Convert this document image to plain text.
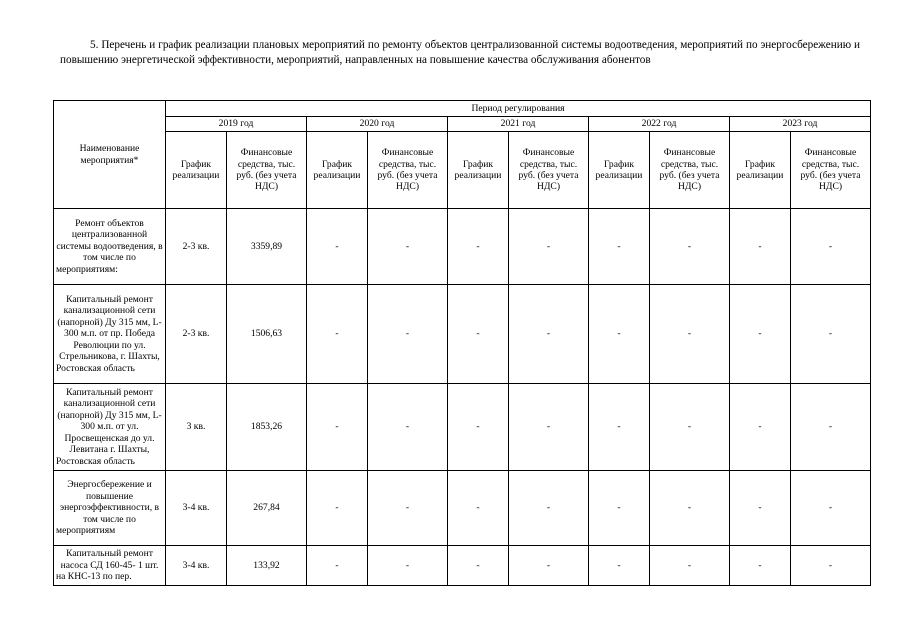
5. Перечень и график реализации плановых мероприятий по ремонту объектов централизованной системы водоотведения, мероприятий по энергосбережению и повышению энергетической эффективности, мероприятий, направленных на повышение качества обслуживания абонентов
Наименование мероприятия*	Период регулирования									
	2019 год		2020 год		2021 год		2022 год		2023 год	
	График реализации	Финансовые средства, тыс. руб. (без учета НДС)	График реализации	Финансовые средства, тыс. руб. (без учета НДС)	График реализации	Финансовые средства, тыс. руб. (без учета НДС)	График реализации	Финансовые средства, тыс. руб. (без учета НДС)	График реализации	Финансовые средства, тыс. руб. (без учета НДС)
Ремонт объектов централизованной системы водоотведения, в том числе по мероприятиям:	2-3 кв.	3359,89	-	-	-	-	-	-	-	-
Капитальный ремонт канализационной сети (напорной) Ду 315 мм, L-300 м.п. от пр. Победа Революции по ул. Стрельникова, г. Шахты, Ростовская область	2-3 кв.	1506,63	-	-	-	-	-	-	-	-
Капитальный ремонт канализационной сети (напорной) Ду 315 мм, L-300 м.п. от ул. Просвещенская до ул. Левитана г. Шахты, Ростовская область	3 кв.	1853,26	-	-	-	-	-	-	-	-
Энергосбережение и повышение энергоэффективности, в том числе по мероприятиям	3-4 кв.	267,84	-	-	-	-	-	-	-	-
Капитальный ремонт насоса СД 160-45- 1 шт. на КНС-13 по пер.	3-4 кв.	133,92	-	-	-	-	-	-	-	-
